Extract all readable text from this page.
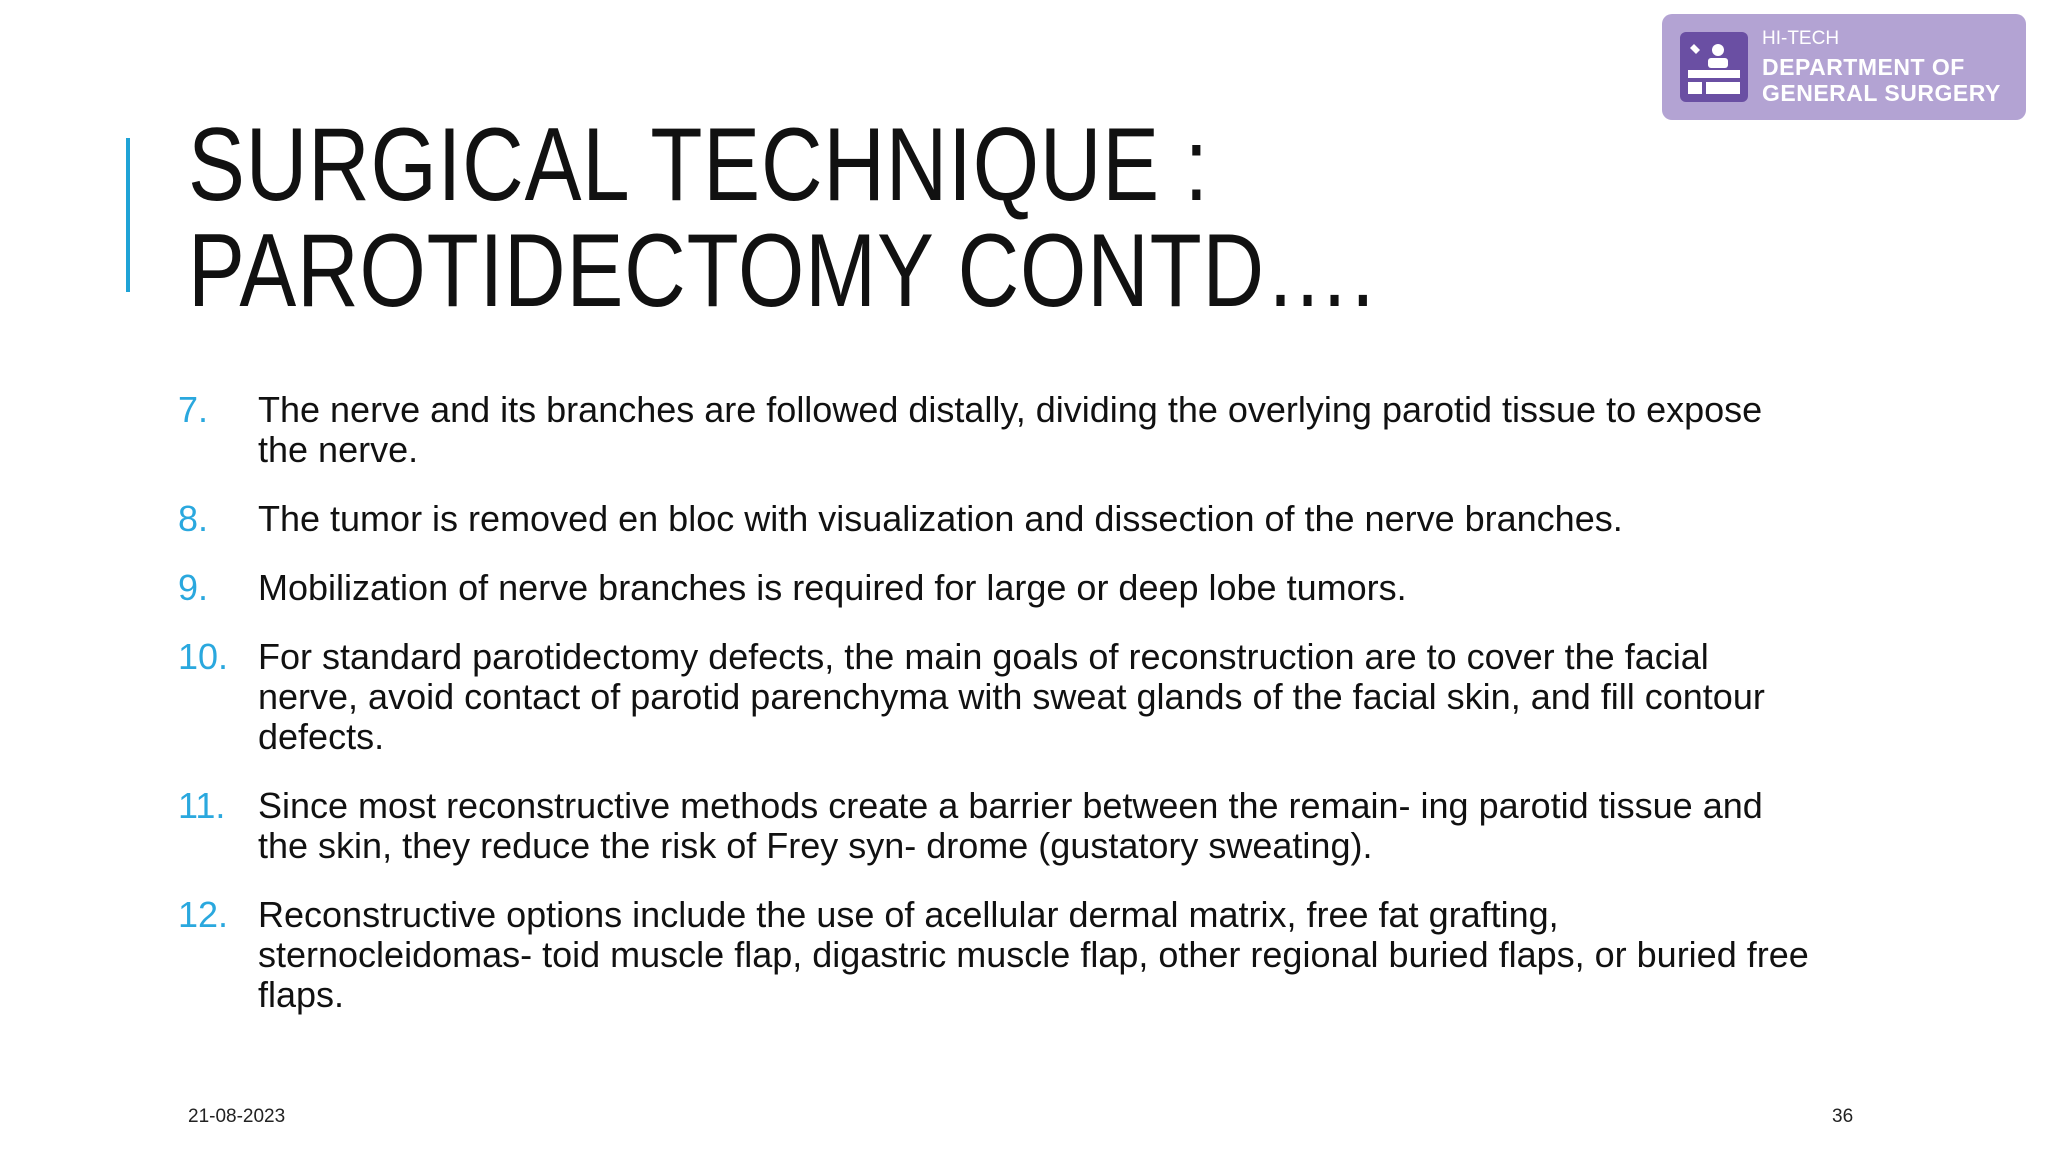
SURGICAL TECHNIQUE :
PAROTIDECTOMY CONTD….
HI-TECH
DEPARTMENT OF
GENERAL SURGERY
7.	The nerve and its branches are followed distally, dividing the overlying parotid tissue to expose the nerve.
8.	The tumor is removed en bloc with visualization and dissection of the nerve branches.
9.	Mobilization of nerve branches is required for large or deep lobe tumors.
10. For standard parotidectomy defects, the main goals of reconstruction are to cover the facial nerve, avoid contact of parotid parenchyma with sweat glands of the facial skin, and fill contour defects.
11. Since most reconstructive methods create a barrier between the remain- ing parotid tissue and the skin, they reduce the risk of Frey syn- drome (gustatory sweating).
12. Reconstructive options include the use of acellular dermal matrix, free fat grafting, sternocleidomas- toid muscle flap, digastric muscle flap, other regional buried flaps, or buried free flaps.
21-08-2023	36
